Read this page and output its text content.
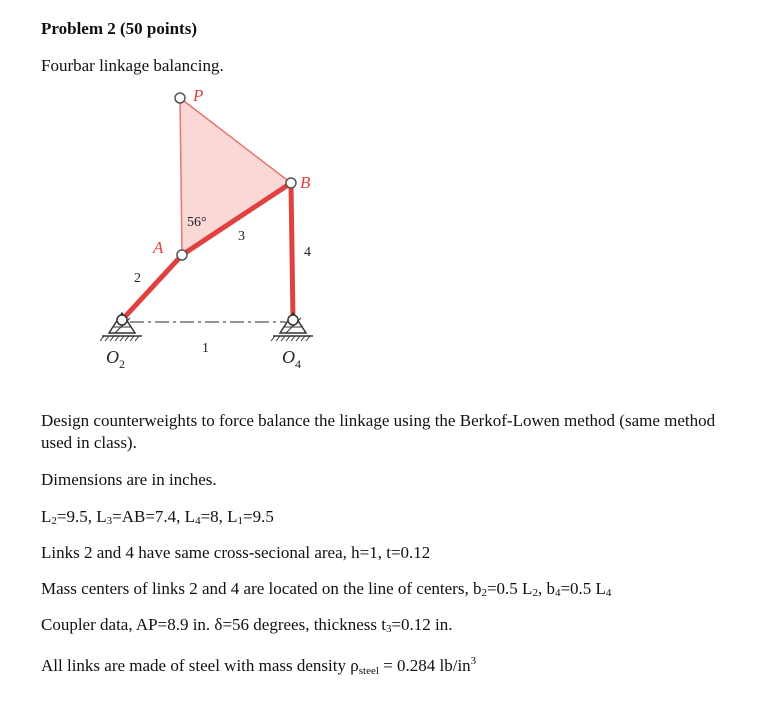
Problem 2 (50 points)
Fourbar linkage balancing.
P
B
A
56°
3
4
2
1
$O_2$	$O_4$
Design counterweights to force balance the linkage using the Berkof-Lowen method (same method used in class).
Dimensions are in inches.
L2=9.5, L3=AB=7.4, L4=8, L1=9.5
Links 2 and 4 have same cross-secional area, h=1, t=0.12
Mass centers of links 2 and 4 are located on the line of centers, b2=0.5 L2, b4=0.5 L4
Coupler data, AP=8.9 in. δ=56 degrees, thickness t3=0.12 in.
All links are made of steel with mass density ρsteel = 0.284 $lb/in^3$
